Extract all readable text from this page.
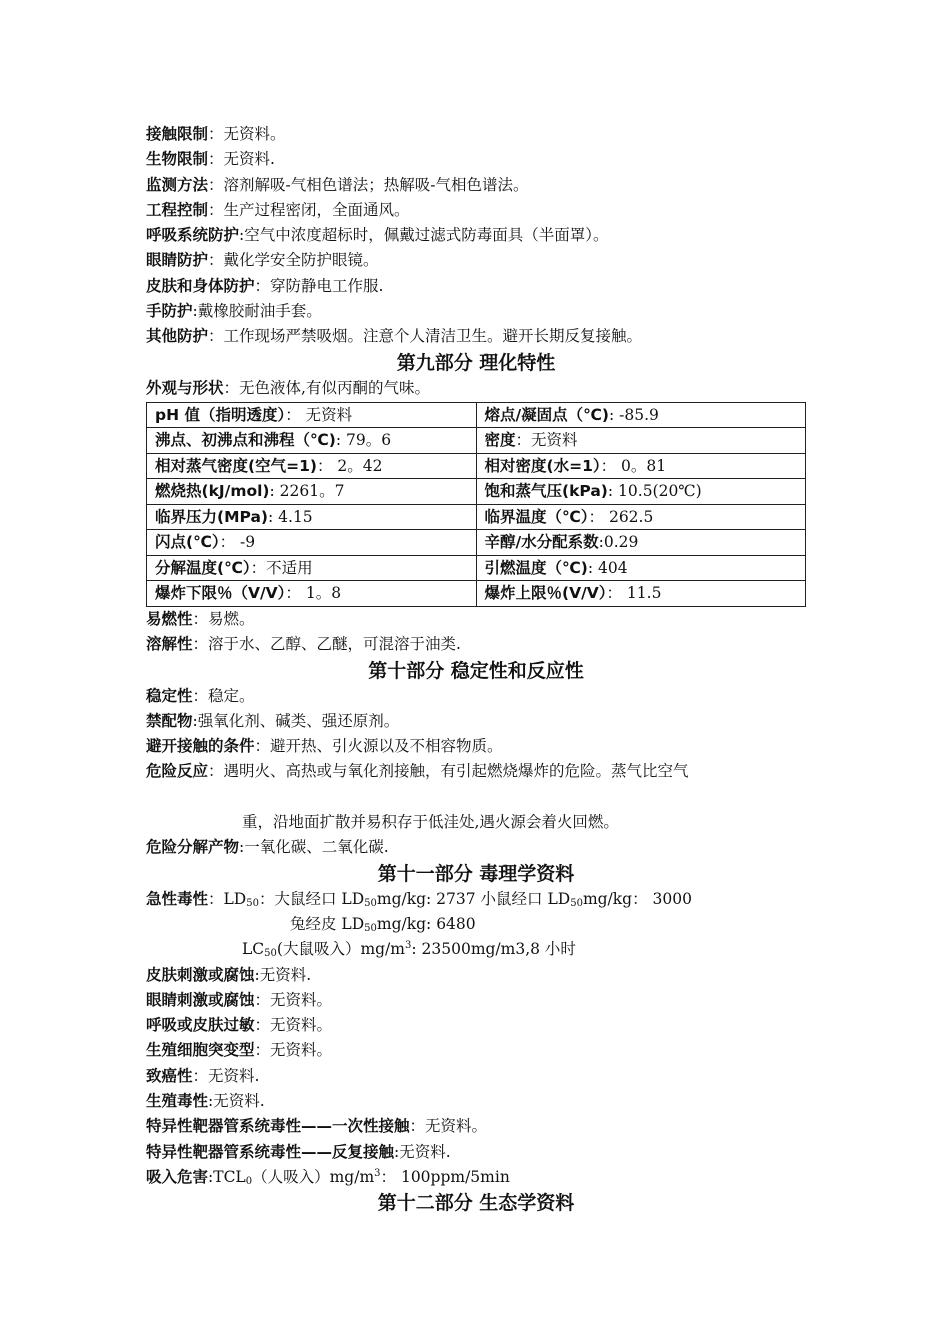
接触限制：无资料。
生物限制：无资料.
监测方法：溶剂解吸-气相色谱法；热解吸-气相色谱法。
工程控制：生产过程密闭，全面通风。
呼吸系统防护:空气中浓度超标时，佩戴过滤式防毒面具（半面罩）。
眼睛防护：戴化学安全防护眼镜。
皮肤和身体防护：穿防静电工作服.
手防护:戴橡胶耐油手套。
其他防护：工作现场严禁吸烟。注意个人清洁卫生。避开长期反复接触。
第九部分 理化特性
外观与形状：无色液体,有似丙酮的气味。
pH 值（指明透度）： 无资料	熔点/凝固点（℃): -85.9
沸点、初沸点和沸程（℃): 79。6	密度：无资料
相对蒸气密度(空气=1)： 2。42	相对密度(水=1）： 0。81
燃烧热(kJ/mol): 2261。7	饱和蒸气压(kPa): 10.5(20℃)
临界压力(MPa): 4.15	临界温度（℃）： 262.5
闪点(℃）： -9	辛醇/水分配系数:0.29
分解温度(℃）：不适用	引燃温度（℃): 404
爆炸下限％（V/V）： 1。8	爆炸上限％(V/V）： 11.5
易燃性：易燃。
溶解性：溶于水、乙醇、乙醚，可混溶于油类.
第十部分 稳定性和反应性
稳定性：稳定。
禁配物:强氧化剂、碱类、强还原剂。
避开接触的条件：避开热、引火源以及不相容物质。
危险反应：遇明火、高热或与氧化剂接触，有引起燃烧爆炸的危险。蒸气比空气

重，沿地面扩散并易积存于低洼处,遇火源会着火回燃。
危险分解产物:一氧化碳、二氧化碳.
第十一部分 毒理学资料
急性毒性：$LD_{50}$：大鼠经口 $LD_{50}mg/kg$: 2737 小鼠经口 $LD_{50}mg/kg$： 3000
兔经皮 $LD_{50}mg/kg$: 6480
$LC_{50}$(大鼠吸入）$mg/m^3$: 23500mg/m3,8 小时
皮肤刺激或腐蚀:无资料.
眼睛刺激或腐蚀：无资料。
呼吸或皮肤过敏：无资料。
生殖细胞突变型：无资料。
致癌性：无资料.
生殖毒性:无资料.
特异性靶器管系统毒性——一次性接触：无资料。
特异性靶器管系统毒性——反复接触:无资料.
吸入危害$:TCL_0$（人吸入）$mg/m^3$： 100ppm/5min
第十二部分 生态学资料
